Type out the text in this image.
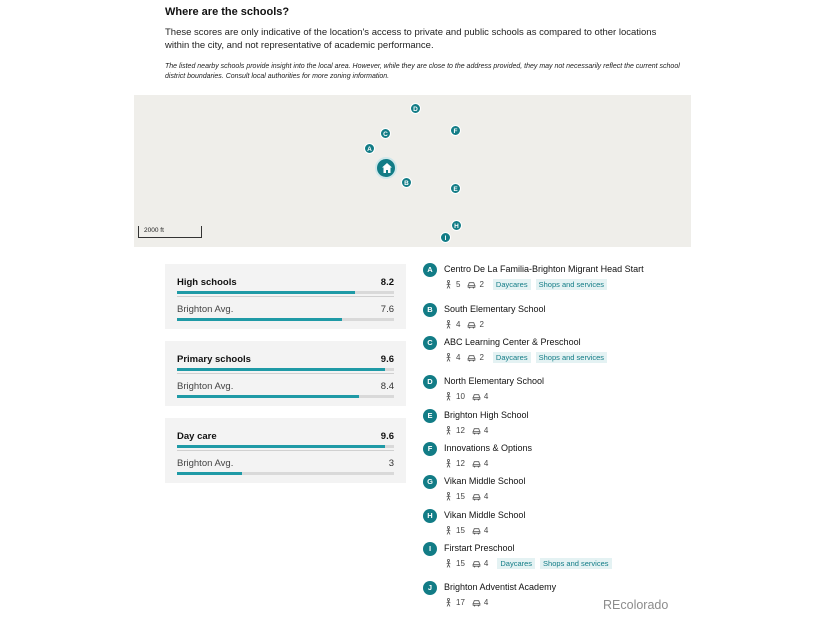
Where are the schools?
These scores are only indicative of the location's access to private and public schools as compared to other locations within the city, and not representative of academic performance.
The listed nearby schools provide insight into the local area. However, while they are close to the address provided, they may not necessarily reflect the current school district boundaries. Consult local authorities for more zoning information.
D
F
C
A
B
E
H
I
2000 ft
High schools	8.2
Brighton Avg.	7.6
Primary schools	9.6
Brighton Avg.	8.4
Day care	9.6
Brighton Avg.	3
A	Centro De La Familia-Brighton Migrant Head Start
5 2	Daycares	Shops and services
B	South Elementary School
4 2
C	ABC Learning Center & Preschool
4 2	Daycares	Shops and services
D	North Elementary School
10 4
E	Brighton High School
12 4
F	Innovations & Options
12 4
G	Vikan Middle School
15 4
H	Vikan Middle School
15 4
I	Firstart Preschool
15 4	Daycares	Shops and services
J	Brighton Adventist Academy
17 4	REcolorado
